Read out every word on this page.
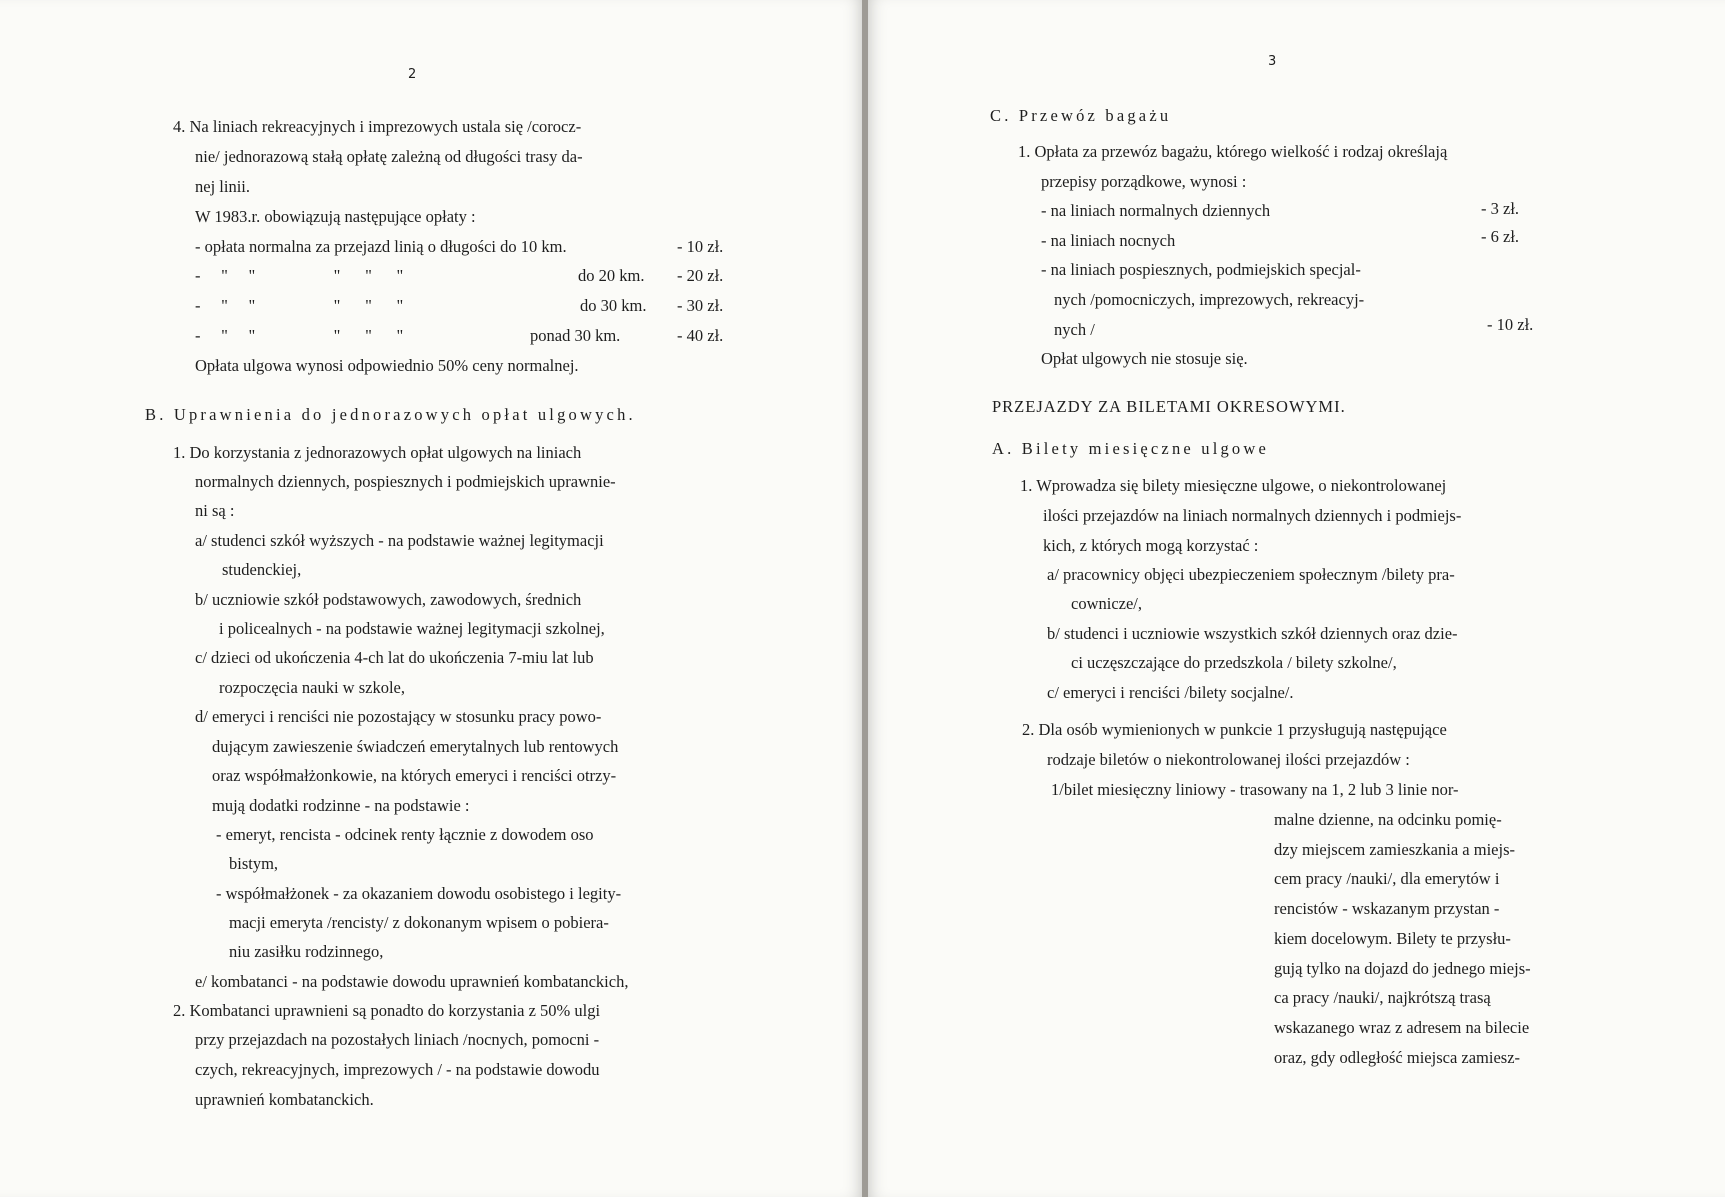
2
4. Na liniach rekreacyjnych i imprezowych ustala się /corocz-
nie/ jednorazową stałą opłatę zależną od długości trasy da-
nej linii.
W 1983.r. obowiązują następujące opłaty :
- opłata normalna za przejazd linią o długości do 10 km.	- 10 zł.
-     "     "                   "      "      "	do 20 km. - 20 zł.
-     "     "                   "      "      "	do 30 km. - 30 zł.
-     "     "                   "      "      "	ponad 30 km.	- 40 zł.
Opłata ulgowa wynosi odpowiednio 50% ceny normalnej.
B. Uprawnienia do jednorazowych opłat ulgowych.
1. Do korzystania z jednorazowych opłat ulgowych na liniach
normalnych dziennych, pospiesznych i podmiejskich uprawnie-
ni są :
a/ studenci szkół wyższych - na podstawie ważnej legitymacji
studenckiej,
b/ uczniowie szkół podstawowych, zawodowych, średnich
i policealnych - na podstawie ważnej legitymacji szkolnej,
c/ dzieci od ukończenia 4-ch lat do ukończenia 7-miu lat lub
rozpoczęcia nauki w szkole,
d/ emeryci i renciści nie pozostający w stosunku pracy powo-
dującym zawieszenie świadczeń emerytalnych lub rentowych
oraz współmałżonkowie, na których emeryci i renciści otrzy-
mują dodatki rodzinne - na podstawie :
- emeryt, rencista - odcinek renty łącznie z dowodem oso
bistym,
- współmałżonek - za okazaniem dowodu osobistego i legity-
macji emeryta /rencisty/ z dokonanym wpisem o pobiera-
niu zasiłku rodzinnego,
e/ kombatanci - na podstawie dowodu uprawnień kombatanckich,
2. Kombatanci uprawnieni są ponadto do korzystania z 50% ulgi
przy przejazdach na pozostałych liniach /nocnych, pomocni -
czych, rekreacyjnych, imprezowych / - na podstawie dowodu
uprawnień kombatanckich.
3
C. Przewóz bagażu
1. Opłata za przewóz bagażu, którego wielkość i rodzaj określają
przepisy porządkowe, wynosi :
- na liniach normalnych dziennych	- 3 zł.
- na liniach nocnych	- 6 zł.
- na liniach pospiesznych, podmiejskich specjal-
nych /pomocniczych, imprezowych, rekreacyj-
nych /	- 10 zł.
Opłat ulgowych nie stosuje się.
PRZEJAZDY ZA BILETAMI OKRESOWYMI.
A. Bilety miesięczne ulgowe
1. Wprowadza się bilety miesięczne ulgowe, o niekontrolowanej
ilości przejazdów na liniach normalnych dziennych i podmiejs-
kich, z których mogą korzystać :
a/ pracownicy objęci ubezpieczeniem społecznym /bilety pra-
cownicze/,
b/ studenci i uczniowie wszystkich szkół dziennych oraz dzie-
ci uczęszczające do przedszkola / bilety szkolne/,
c/ emeryci i renciści /bilety socjalne/.
2. Dla osób wymienionych w punkcie 1 przysługują następujące
rodzaje biletów o niekontrolowanej ilości przejazdów :
1/bilet miesięczny liniowy - trasowany na 1, 2 lub 3 linie nor-
malne dzienne, na odcinku pomię-
dzy miejscem zamieszkania a miejs-
cem pracy /nauki/, dla emerytów i
rencistów - wskazanym przystan -
kiem docelowym. Bilety te przysłu-
gują tylko na dojazd do jednego miejs-
ca pracy /nauki/, najkrótszą trasą
wskazanego wraz z adresem na bilecie
oraz, gdy odległość miejsca zamiesz-
